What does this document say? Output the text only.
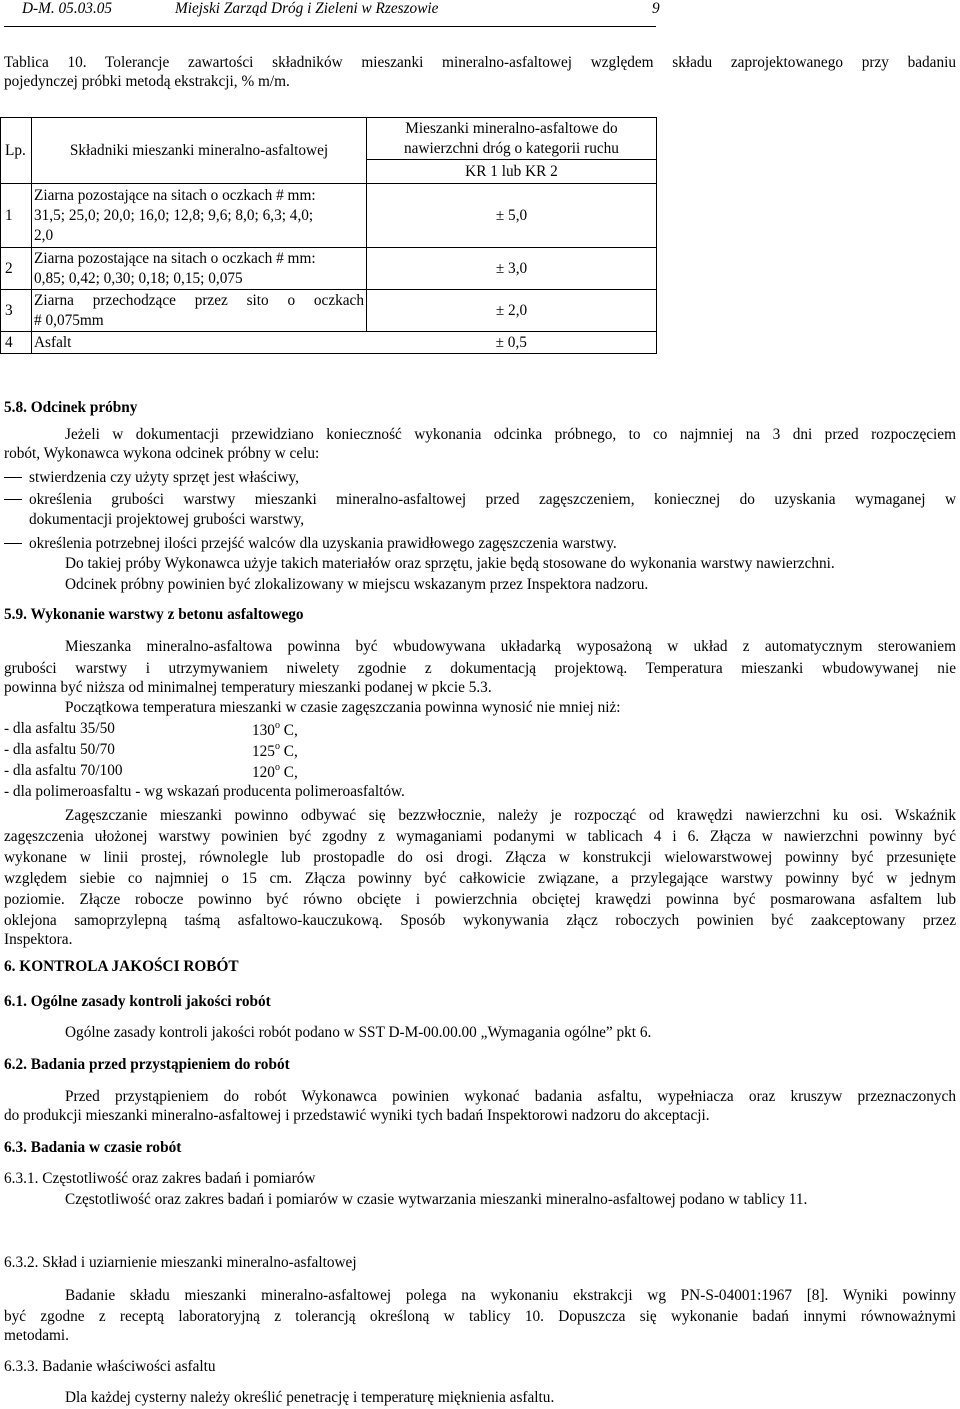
D-M. 05.03.05	Miejski Zarząd Dróg i Zieleni w Rzeszowie	9
Tablica 10. Tolerancje zawartości składników mieszanki mineralno-asfaltowej względem składu zaprojektowanego przy badaniu
pojedynczej próbki metodą ekstrakcji, % m/m.
Lp.	Składniki mieszanki mineralno-asfaltowej	Mieszanki mineralno-asfaltowe do
nawierzchni dróg o kategorii ruchu

		KR 1 lub KR 2
1	Ziarna pozostające na sitach o oczkach # mm:
31,5; 25,0; 20,0; 16,0; 12,8; 9,6; 8,0; 6,3; 4,0;
2,0	± 5,0
2	Ziarna pozostające na sitach o oczkach # mm:
0,85; 0,42; 0,30; 0,18; 0,15; 0,075	± 3,0
3	Ziarna przechodzące przez sito o oczkach
# 0,075mm	± 2,0
4	Asfalt	± 0,5
5.8. Odcinek próbny
Jeżeli w dokumentacji przewidziano konieczność wykonania odcinka próbnego, to co najmniej na 3 dni przed rozpoczęciem
robót, Wykonawca wykona odcinek próbny w celu:
stwierdzenia czy użyty sprzęt jest właściwy,
określenia grubości warstwy mieszanki mineralno-asfaltowej przed zagęszczeniem, koniecznej do uzyskania wymaganej w
dokumentacji projektowej grubości warstwy,
określenia potrzebnej ilości przejść walców dla uzyskania prawidłowego zagęszczenia warstwy.
Do takiej próby Wykonawca użyje takich materiałów oraz sprzętu, jakie będą stosowane do wykonania warstwy nawierzchni.
Odcinek próbny powinien być zlokalizowany w miejscu wskazanym przez Inspektora nadzoru.
5.9. Wykonanie warstwy z betonu asfaltowego
Mieszanka mineralno-asfaltowa powinna być wbudowywana układarką wyposażoną w układ z automatycznym sterowaniem
grubości warstwy i utrzymywaniem niwelety zgodnie z dokumentacją projektową. Temperatura mieszanki wbudowywanej nie
powinna być niższa od minimalnej temperatury mieszanki podanej w pkcie 5.3.
Początkowa temperatura mieszanki w czasie zagęszczania powinna wynosić nie mniej niż:
- dla asfaltu 35/50	130$^o$ C,
- dla asfaltu 50/70	125$^o$ C,
- dla asfaltu 70/100	120$^o$ C,
- dla polimeroasfaltu - wg wskazań producenta polimeroasfaltów.
Zagęszczanie mieszanki powinno odbywać się bezzwłocznie, należy je rozpocząć od krawędzi nawierzchni ku osi. Wskaźnik
zagęszczenia ułożonej warstwy powinien być zgodny z wymaganiami podanymi w tablicach 4 i 6. Złącza w nawierzchni powinny być
wykonane w linii prostej, równolegle lub prostopadle do osi drogi. Złącza w konstrukcji wielowarstwowej powinny być przesunięte
względem siebie co najmniej o 15 cm. Złącza powinny być całkowicie związane, a przylegające warstwy powinny być w jednym
poziomie. Złącze robocze powinno być równo obcięte i powierzchnia obciętej krawędzi powinna być posmarowana asfaltem lub
oklejona samoprzylepną taśmą asfaltowo-kauczukową. Sposób wykonywania złącz roboczych powinien być zaakceptowany przez
Inspektora.
6. KONTROLA JAKOŚCI ROBÓT
6.1. Ogólne zasady kontroli jakości robót
Ogólne zasady kontroli jakości robót podano w SST D-M-00.00.00 „Wymagania ogólne” pkt 6.
6.2. Badania przed przystąpieniem do robót
Przed przystąpieniem do robót Wykonawca powinien wykonać badania asfaltu, wypełniacza oraz kruszyw przeznaczonych
do produkcji mieszanki mineralno-asfaltowej i przedstawić wyniki tych badań Inspektorowi nadzoru do akceptacji.
6.3. Badania w czasie robót
6.3.1. Częstotliwość oraz zakres badań i pomiarów
Częstotliwość oraz zakres badań i pomiarów w czasie wytwarzania mieszanki mineralno-asfaltowej podano w tablicy 11.
6.3.2. Skład i uziarnienie mieszanki mineralno-asfaltowej
Badanie składu mieszanki mineralno-asfaltowej polega na wykonaniu ekstrakcji wg PN-S-04001:1967 [8]. Wyniki powinny
być zgodne z receptą laboratoryjną z tolerancją określoną w tablicy 10. Dopuszcza się wykonanie badań innymi równoważnymi
metodami.
6.3.3. Badanie właściwości asfaltu
Dla każdej cysterny należy określić penetrację i temperaturę mięknienia asfaltu.
